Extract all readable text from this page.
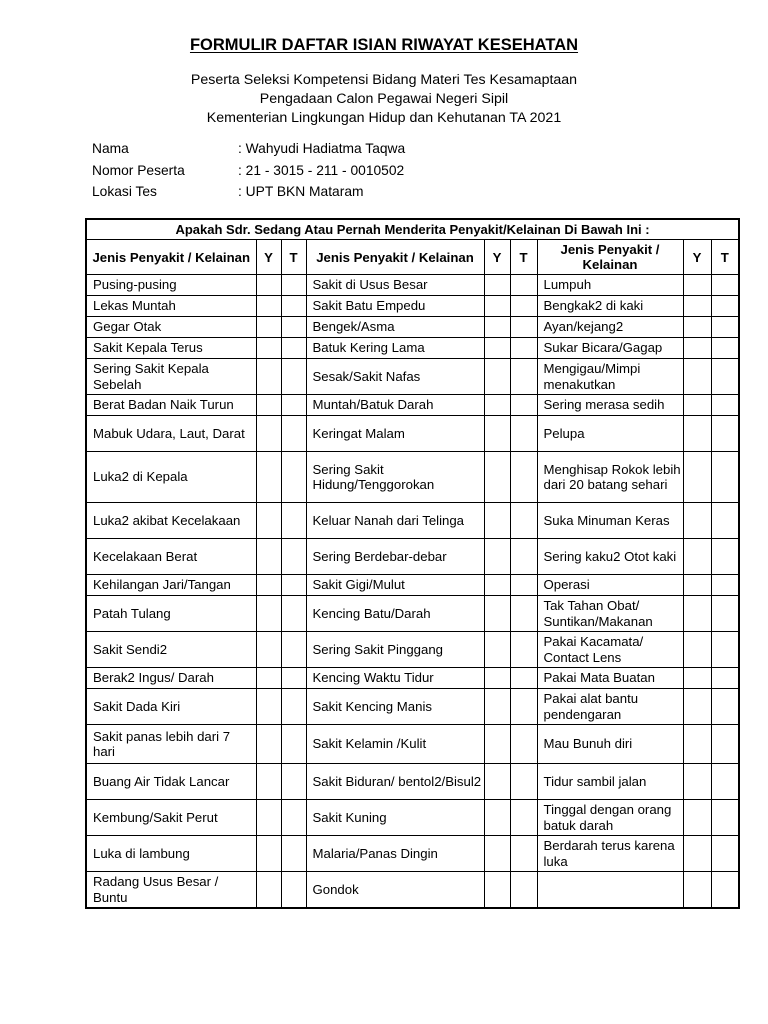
FORMULIR DAFTAR ISIAN RIWAYAT KESEHATAN
Peserta Seleksi Kompetensi Bidang Materi Tes Kesamaptaan
Pengadaan Calon Pegawai Negeri Sipil
Kementerian Lingkungan Hidup dan Kehutanan TA 2021
Nama	: Wahyudi Hadiatma Taqwa
Nomor Peserta	: 21 - 3015 - 211 - 0010502
Lokasi Tes	: UPT BKN Mataram
Apakah Sdr. Sedang Atau Pernah Menderita Penyakit/Kelainan Di Bawah Ini :								
Jenis Penyakit / Kelainan	Y	T	Jenis Penyakit / Kelainan	Y	T	Jenis Penyakit / Kelainan	Y	T
Pusing-pusing			Sakit di Usus Besar			Lumpuh		
Lekas Muntah			Sakit Batu Empedu			Bengkak2 di kaki		
Gegar Otak			Bengek/Asma			Ayan/kejang2		
Sakit Kepala Terus			Batuk Kering Lama			Sukar Bicara/Gagap		
Sering Sakit Kepala Sebelah			Sesak/Sakit Nafas			Mengigau/Mimpi menakutkan		
Berat Badan Naik Turun			Muntah/Batuk Darah			Sering merasa sedih		
Mabuk Udara, Laut, Darat			Keringat Malam			Pelupa		
Luka2 di Kepala			Sering Sakit Hidung/Tenggorokan			Menghisap Rokok lebih dari 20 batang sehari		
Luka2 akibat Kecelakaan			Keluar Nanah dari Telinga			Suka Minuman Keras		
Kecelakaan Berat			Sering Berdebar-debar			Sering kaku2 Otot kaki		
Kehilangan Jari/Tangan			Sakit Gigi/Mulut			Operasi		
Patah Tulang			Kencing Batu/Darah			Tak Tahan Obat/ Suntikan/Makanan		
Sakit Sendi2			Sering Sakit Pinggang			Pakai Kacamata/ Contact Lens		
Berak2 Ingus/ Darah			Kencing Waktu Tidur			Pakai Mata Buatan		
Sakit Dada Kiri			Sakit Kencing Manis			Pakai alat bantu pendengaran		
Sakit panas lebih dari 7 hari			Sakit Kelamin /Kulit			Mau Bunuh diri		
Buang Air Tidak Lancar			Sakit Biduran/ bentol2/Bisul2			Tidur sambil jalan		
Kembung/Sakit Perut			Sakit Kuning			Tinggal dengan orang batuk darah		
Luka di lambung			Malaria/Panas Dingin			Berdarah terus karena luka		
Radang Usus Besar / Buntu			Gondok					
